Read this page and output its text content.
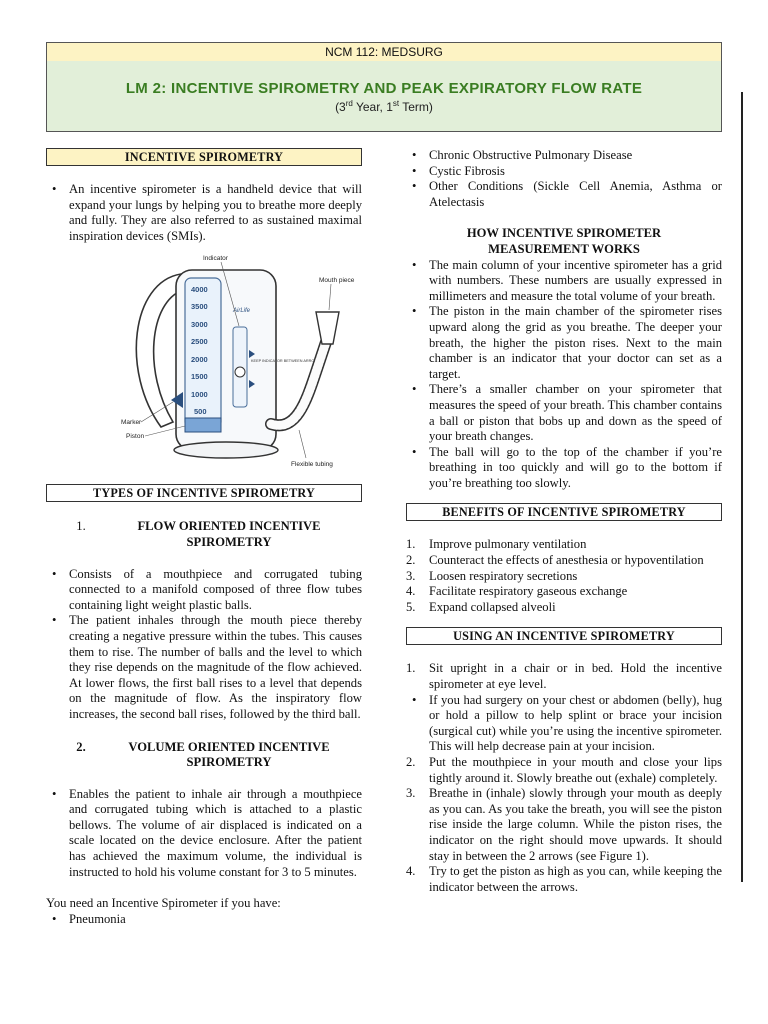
NCM 112: MEDSURG
LM 2: INCENTIVE SPIROMETRY AND PEAK EXPIRATORY FLOW RATE
(3rd Year, 1st Term)
INCENTIVE SPIROMETRY
• An incentive spirometer is a handheld device that will expand your lungs by helping you to breathe more deeply and fully. They are also referred to as sustained maximal inspiration devices (SMIs).
4000
3500
3000
2500
2000
1500
1000
500
AirLife
KEEP INDICATOR BETWEEN ARROWS
Indicator
Mouth piece
Marker
Piston
Flexible tubing
TYPES OF INCENTIVE SPIROMETRY
1.	FLOW ORIENTED INCENTIVE SPIROMETRY
• Consists of a mouthpiece and corrugated tubing connected to a manifold composed of three flow tubes containing light weight plastic balls.
• The patient inhales through the mouth piece thereby creating a negative pressure within the tubes. This causes them to rise. The number of balls and the level to which they rise depends on the magnitude of the flow achieved. At lower flows, the first ball rises to a level that depends on the magnitude of flow. As the inspiratory flow increases, the second ball rises, followed by the third ball.
2.	VOLUME ORIENTED INCENTIVE SPIROMETRY
• Enables the patient to inhale air through a mouthpiece and corrugated tubing which is attached to a plastic bellows. The volume of air displaced is indicated on a scale located on the device enclosure. After the patient has achieved the maximum volume, the individual is instructed to hold his volume constant for 3 to 5 minutes.

You need an Incentive Spirometer if you have:

• Pneumonia
• Chronic Obstructive Pulmonary Disease
• Cystic Fibrosis
• Other Conditions (Sickle Cell Anemia, Asthma or Atelectasis
HOW INCENTIVE SPIROMETER MEASUREMENT WORKS
• The main column of your incentive spirometer has a grid with numbers. These numbers are usually expressed in millimeters and measure the total volume of your breath.
• The piston in the main chamber of the spirometer rises upward along the grid as you breathe. The deeper your breath, the higher the piston rises. Next to the main chamber is an indicator that your doctor can set as a target.
• There’s a smaller chamber on your spirometer that measures the speed of your breath. This chamber contains a ball or piston that bobs up and down as the speed of your breath changes.
• The ball will go to the top of the chamber if you’re breathing in too quickly and will go to the bottom if you’re breathing too slowly.
BENEFITS OF INCENTIVE SPIROMETRY
1. Improve pulmonary ventilation
2. Counteract the effects of anesthesia or hypoventilation
3. Loosen respiratory secretions
4. Facilitate respiratory gaseous exchange
5. Expand collapsed alveoli
USING AN INCENTIVE SPIROMETRY
1. Sit upright in a chair or in bed. Hold the incentive spirometer at eye level.
• If you had surgery on your chest or abdomen (belly), hug or hold a pillow to help splint or brace your incision (surgical cut) while you’re using the incentive spirometer. This will help decrease pain at your incision.
2. Put the mouthpiece in your mouth and close your lips tightly around it. Slowly breathe out (exhale) completely.
3. Breathe in (inhale) slowly through your mouth as deeply as you can. As you take the breath, you will see the piston rise inside the large column. While the piston rises, the indicator on the right should move upwards. It should stay in between the 2 arrows (see Figure 1).
4. Try to get the piston as high as you can, while keeping the indicator between the arrows.
